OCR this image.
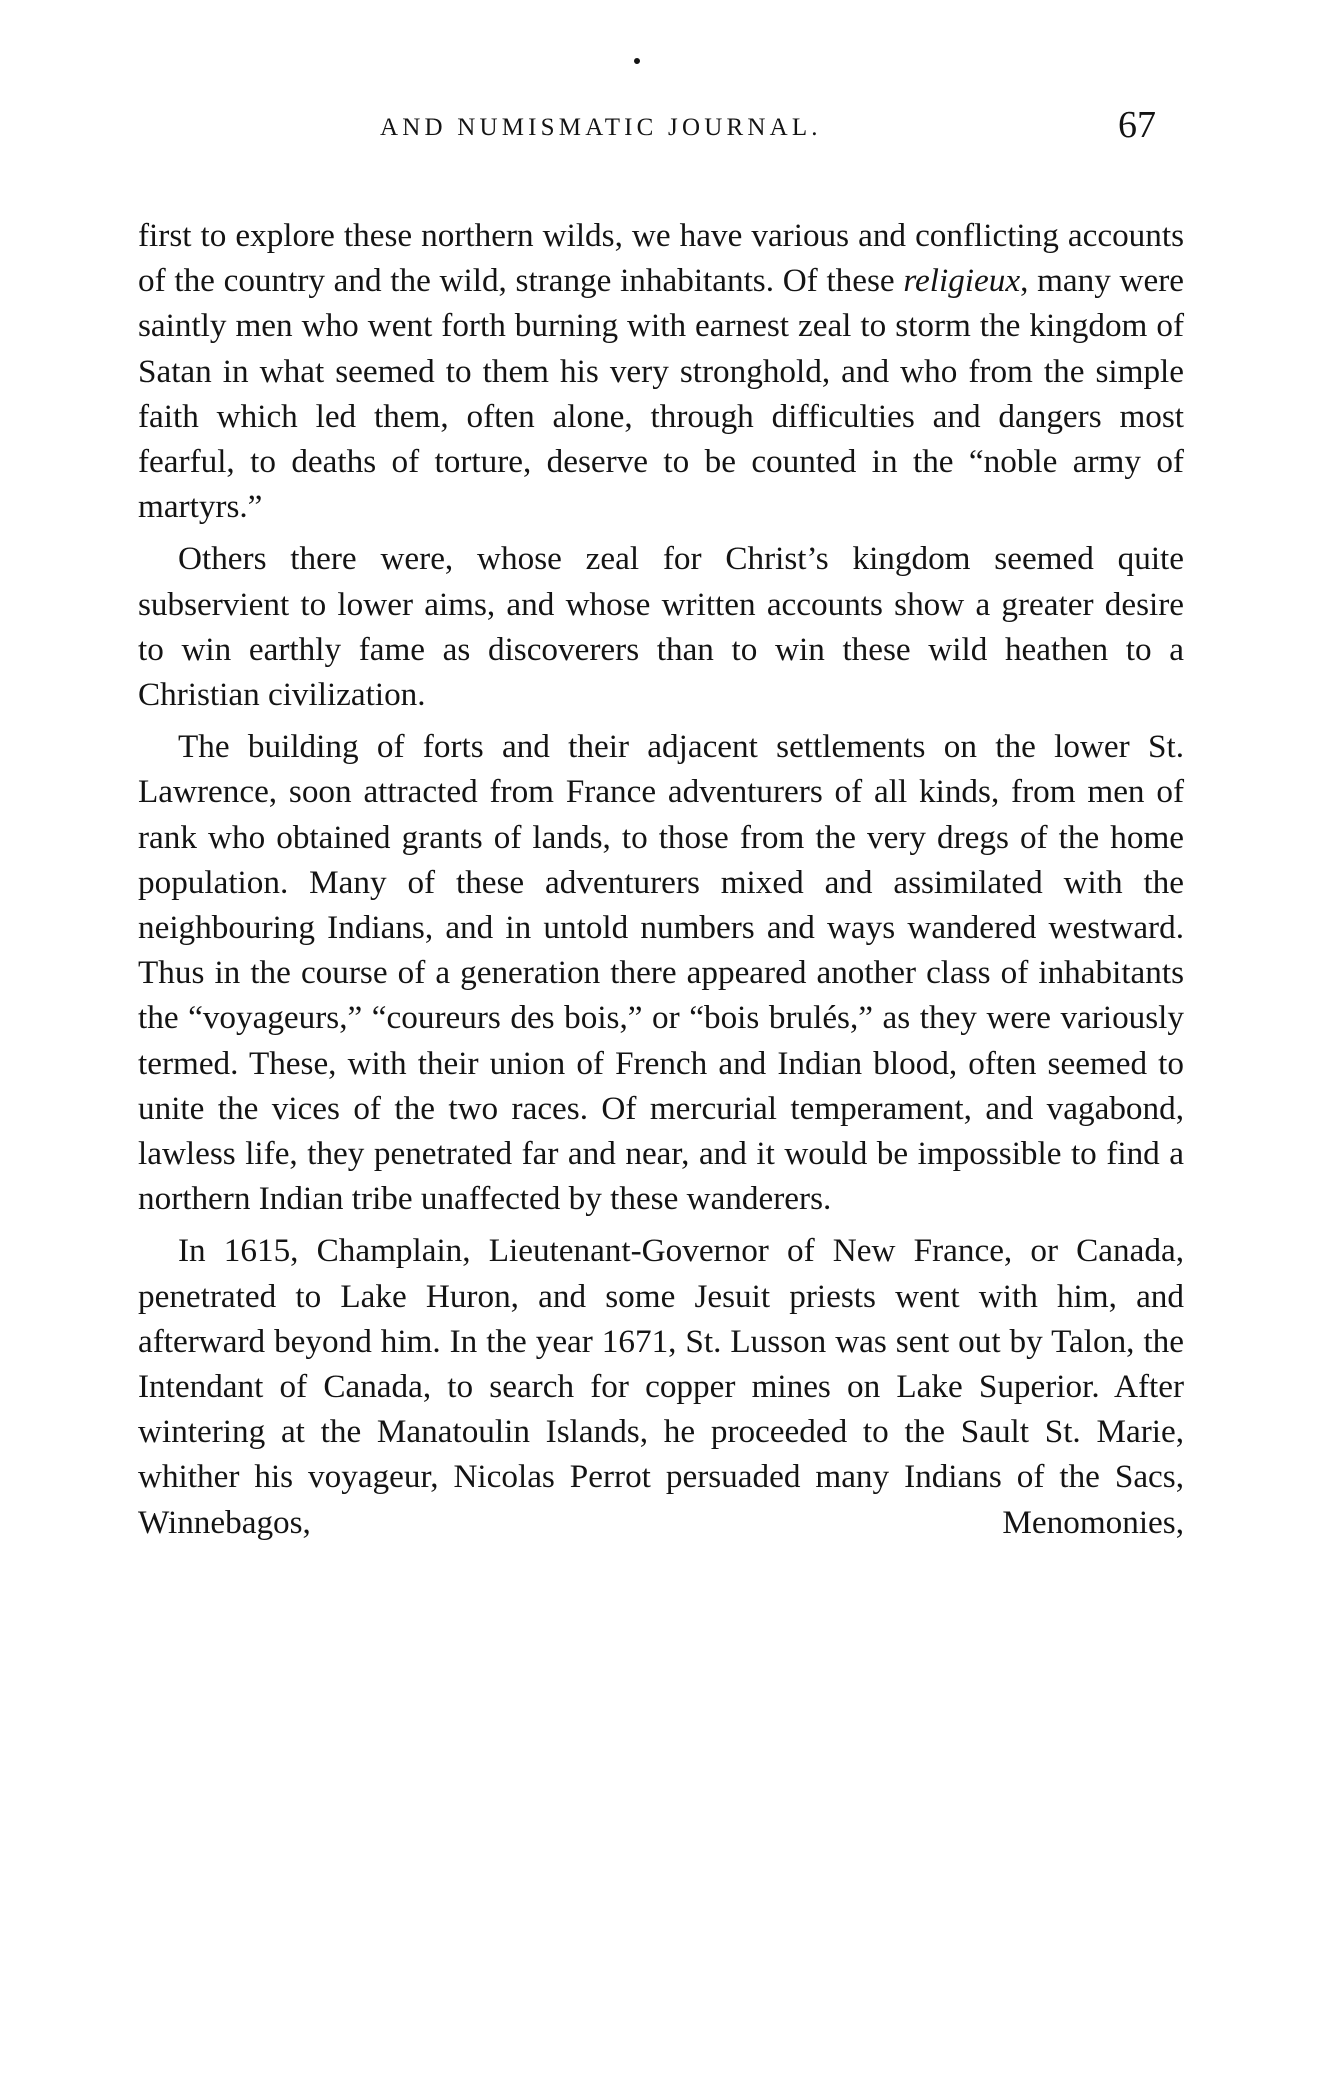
AND NUMISMATIC JOURNAL.	67

first to explore these northern wilds, we have various and conflicting accounts of the country and the wild, strange inhabitants. Of these religieux, many were saintly men who went forth burning with earnest zeal to storm the kingdom of Satan in what seemed to them his very stronghold, and who from the simple faith which led them, often alone, through difficulties and dangers most fearful, to deaths of torture, deserve to be counted in the “noble army of martyrs.”

Others there were, whose zeal for Christ’s kingdom seemed quite subservient to lower aims, and whose written accounts show a greater desire to win earthly fame as discoverers than to win these wild heathen to a Christian civilization.

The building of forts and their adjacent settlements on the lower St. Lawrence, soon attracted from France adventurers of all kinds, from men of rank who obtained grants of lands, to those from the very dregs of the home population. Many of these adventurers mixed and assimilated with the neighbouring Indians, and in untold numbers and ways wandered westward. Thus in the course of a generation there appeared another class of inhabitants the “voyageurs,” “coureurs des bois,” or “bois brulés,” as they were variously termed. These, with their union of French and Indian blood, often seemed to unite the vices of the two races. Of mercurial temperament, and vagabond, lawless life, they penetrated far and near, and it would be impossible to find a northern Indian tribe unaffected by these wanderers.

In 1615, Champlain, Lieutenant-Governor of New France, or Canada, penetrated to Lake Huron, and some Jesuit priests went with him, and afterward beyond him. In the year 1671, St. Lusson was sent out by Talon, the Intendant of Canada, to search for copper mines on Lake Superior. After wintering at the Manatoulin Islands, he proceeded to the Sault St. Marie, whither his voyageur, Nicolas Perrot persuaded many Indians of the Sacs, Winnebagos, Menomonies,
